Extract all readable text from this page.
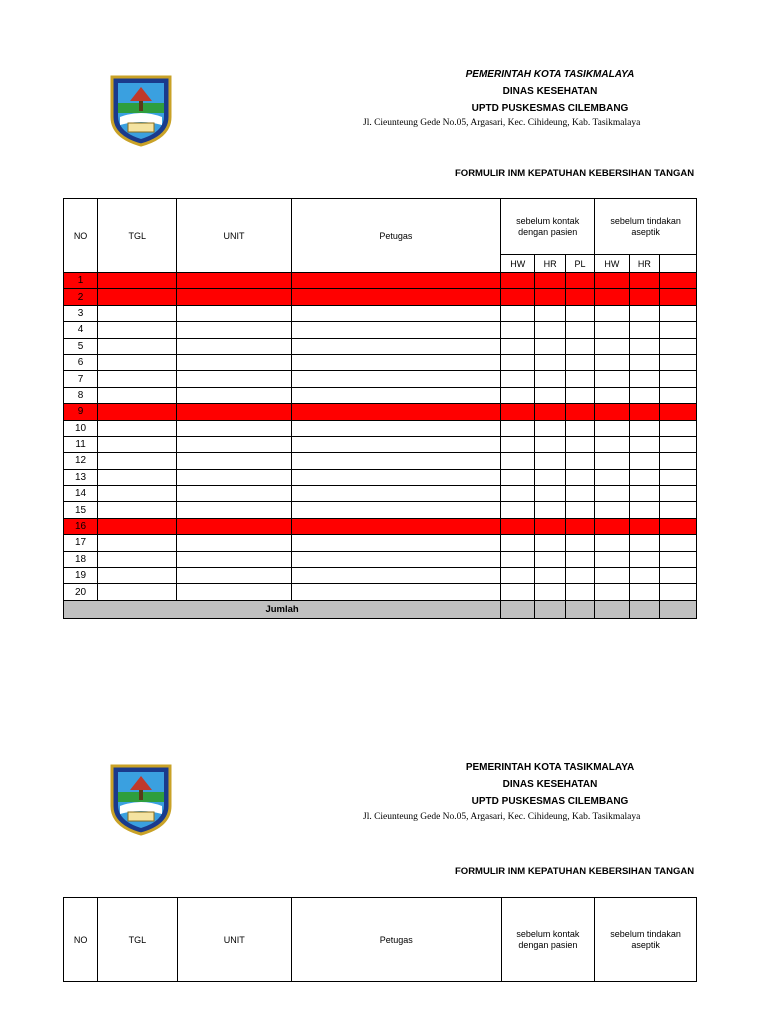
PEMERINTAH KOTA TASIKMALAYA
DINAS KESEHATAN
UPTD PUSKESMAS CILEMBANG
Jl. Cieunteung Gede No.05, Argasari, Kec. Cihideung, Kab. Tasikmalaya
FORMULIR INM KEPATUHAN KEBERSIHAN TANGAN
NO	TGL	UNIT	Petugas	sebelum kontak dengan pasien			sebelum tindakan aseptik		
				HW	HR	PL	HW	HR	
1									
2									
3									
4									
5									
6									
7									
8									
9									
10									
11									
12									
13									
14									
15									
16									
17									
18									
19									
20									
Jumlah									
PEMERINTAH KOTA TASIKMALAYA
DINAS KESEHATAN
UPTD PUSKESMAS CILEMBANG
Jl. Cieunteung Gede No.05, Argasari, Kec. Cihideung, Kab. Tasikmalaya
FORMULIR INM KEPATUHAN KEBERSIHAN TANGAN
NO	TGL	UNIT	Petugas	sebelum kontak dengan pasien	sebelum tindakan aseptik
